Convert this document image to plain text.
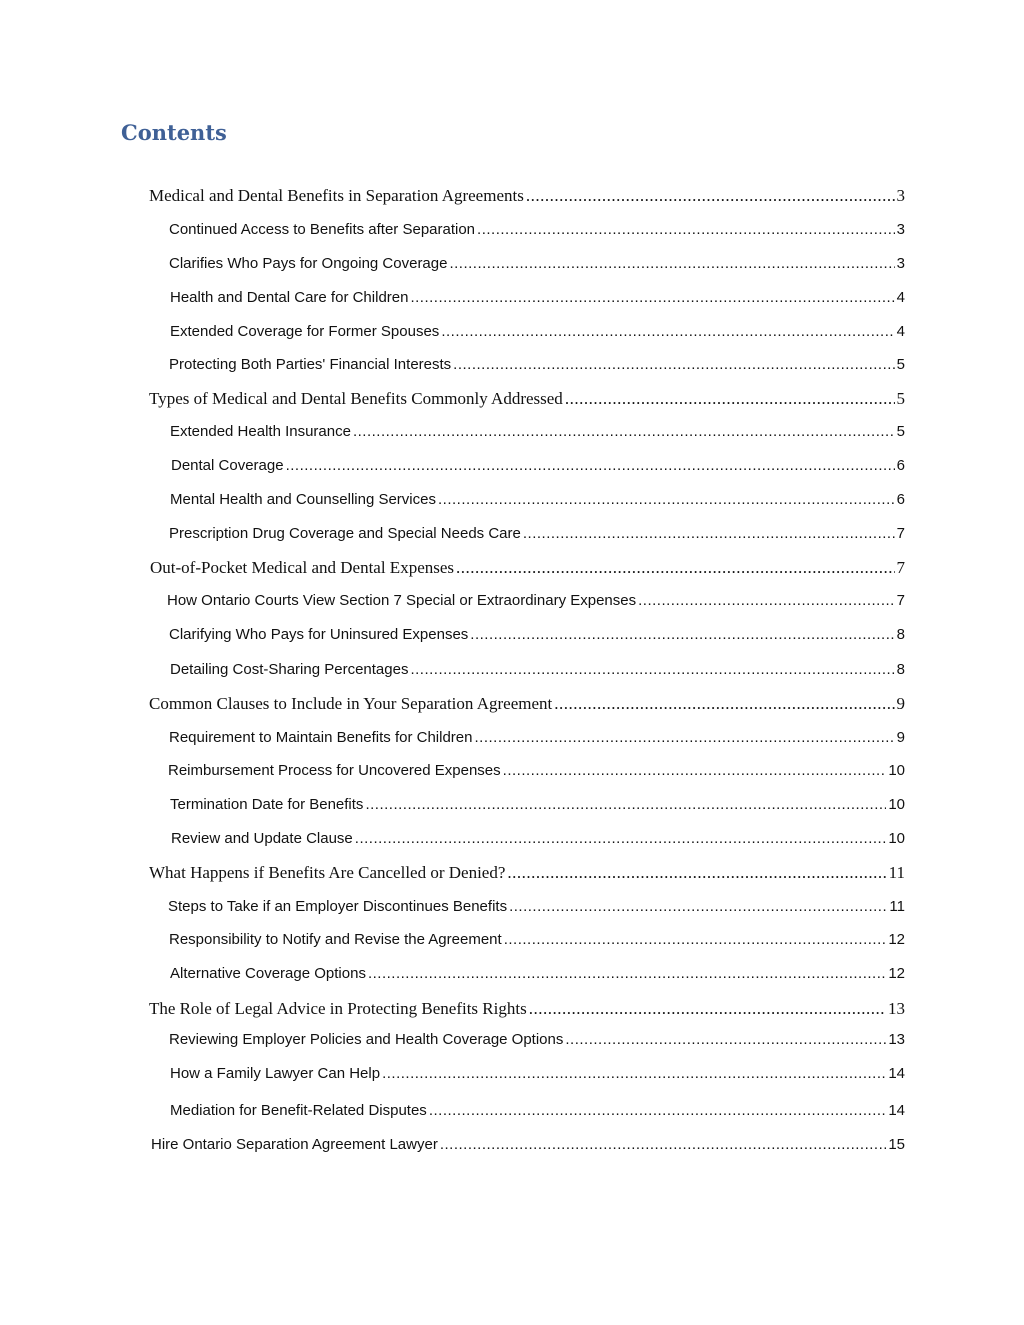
Contents
Medical and Dental Benefits in Separation Agreements .....	3
Continued Access to Benefits after Separation .....	3
Clarifies Who Pays for Ongoing Coverage .....	3
Health and Dental Care for Children .....	4
Extended Coverage for Former Spouses .....	4
Protecting Both Parties' Financial Interests .....	5
Types of Medical and Dental Benefits Commonly Addressed .....	5
Extended Health Insurance .....	5
Dental Coverage .....	6
Mental Health and Counselling Services .....	6
Prescription Drug Coverage and Special Needs Care .....	7
Out-of-Pocket Medical and Dental Expenses .....	7
How Ontario Courts View Section 7 Special or Extraordinary Expenses .....	7
Clarifying Who Pays for Uninsured Expenses .....	8
Detailing Cost-Sharing Percentages .....	8
Common Clauses to Include in Your Separation Agreement .....	9
Requirement to Maintain Benefits for Children .....	9
Reimbursement Process for Uncovered Expenses .....	10
Termination Date for Benefits .....	10
Review and Update Clause .....	10
What Happens if Benefits Are Cancelled or Denied? .....	11
Steps to Take if an Employer Discontinues Benefits .....	11
Responsibility to Notify and Revise the Agreement .....	12
Alternative Coverage Options .....	12
The Role of Legal Advice in Protecting Benefits Rights .....	13
Reviewing Employer Policies and Health Coverage Options .....	13
How a Family Lawyer Can Help .....	14
Mediation for Benefit-Related Disputes .....	14
Hire Ontario Separation Agreement Lawyer .....	15
